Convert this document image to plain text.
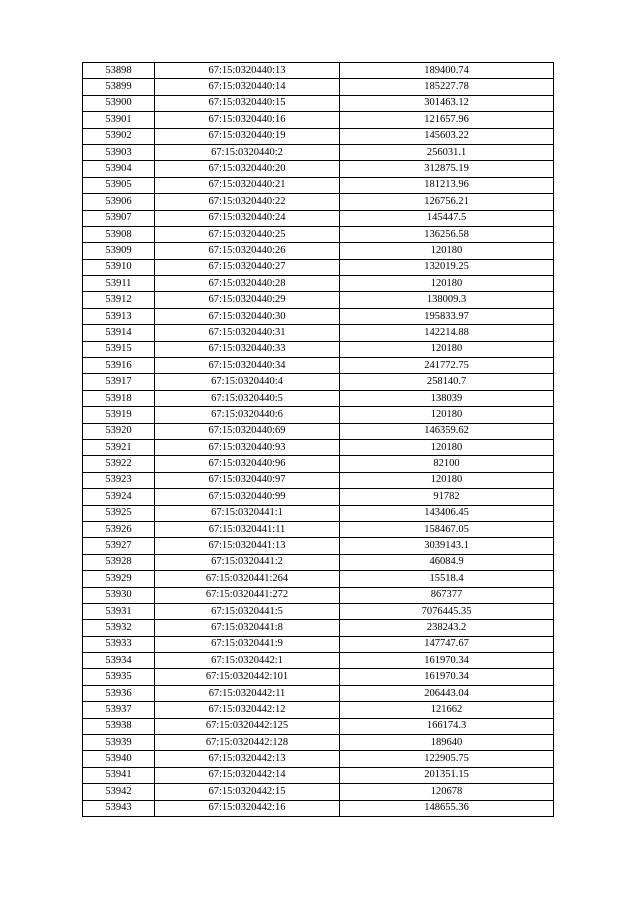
53898	67:15:0320440:13	189400.74
53899	67:15:0320440:14	185227.78
53900	67:15:0320440:15	301463.12
53901	67:15:0320440:16	121657.96
53902	67:15:0320440:19	145603.22
53903	67:15:0320440:2	256031.1
53904	67:15:0320440:20	312875.19
53905	67:15:0320440:21	181213.96
53906	67:15:0320440:22	126756.21
53907	67:15:0320440:24	145447.5
53908	67:15:0320440:25	136256.58
53909	67:15:0320440:26	120180
53910	67:15:0320440:27	132019.25
53911	67:15:0320440:28	120180
53912	67:15:0320440:29	138009.3
53913	67:15:0320440:30	195833.97
53914	67:15:0320440:31	142214.88
53915	67:15:0320440:33	120180
53916	67:15:0320440:34	241772.75
53917	67:15:0320440:4	258140.7
53918	67:15:0320440:5	138039
53919	67:15:0320440:6	120180
53920	67:15:0320440:69	146359.62
53921	67:15:0320440:93	120180
53922	67:15:0320440:96	82100
53923	67:15:0320440:97	120180
53924	67:15:0320440:99	91782
53925	67:15:0320441:1	143406.45
53926	67:15:0320441:11	158467.05
53927	67:15:0320441:13	3039143.1
53928	67:15:0320441:2	46084.9
53929	67:15:0320441:264	15518.4
53930	67:15:0320441:272	867377
53931	67:15:0320441:5	7076445.35
53932	67:15:0320441:8	238243.2
53933	67:15:0320441:9	147747.67
53934	67:15:0320442:1	161970.34
53935	67:15:0320442:101	161970.34
53936	67:15:0320442:11	206443.04
53937	67:15:0320442:12	121662
53938	67:15:0320442:125	166174.3
53939	67:15:0320442:128	189640
53940	67:15:0320442:13	122905.75
53941	67:15:0320442:14	201351.15
53942	67:15:0320442:15	120678
53943	67:15:0320442:16	148655.36
